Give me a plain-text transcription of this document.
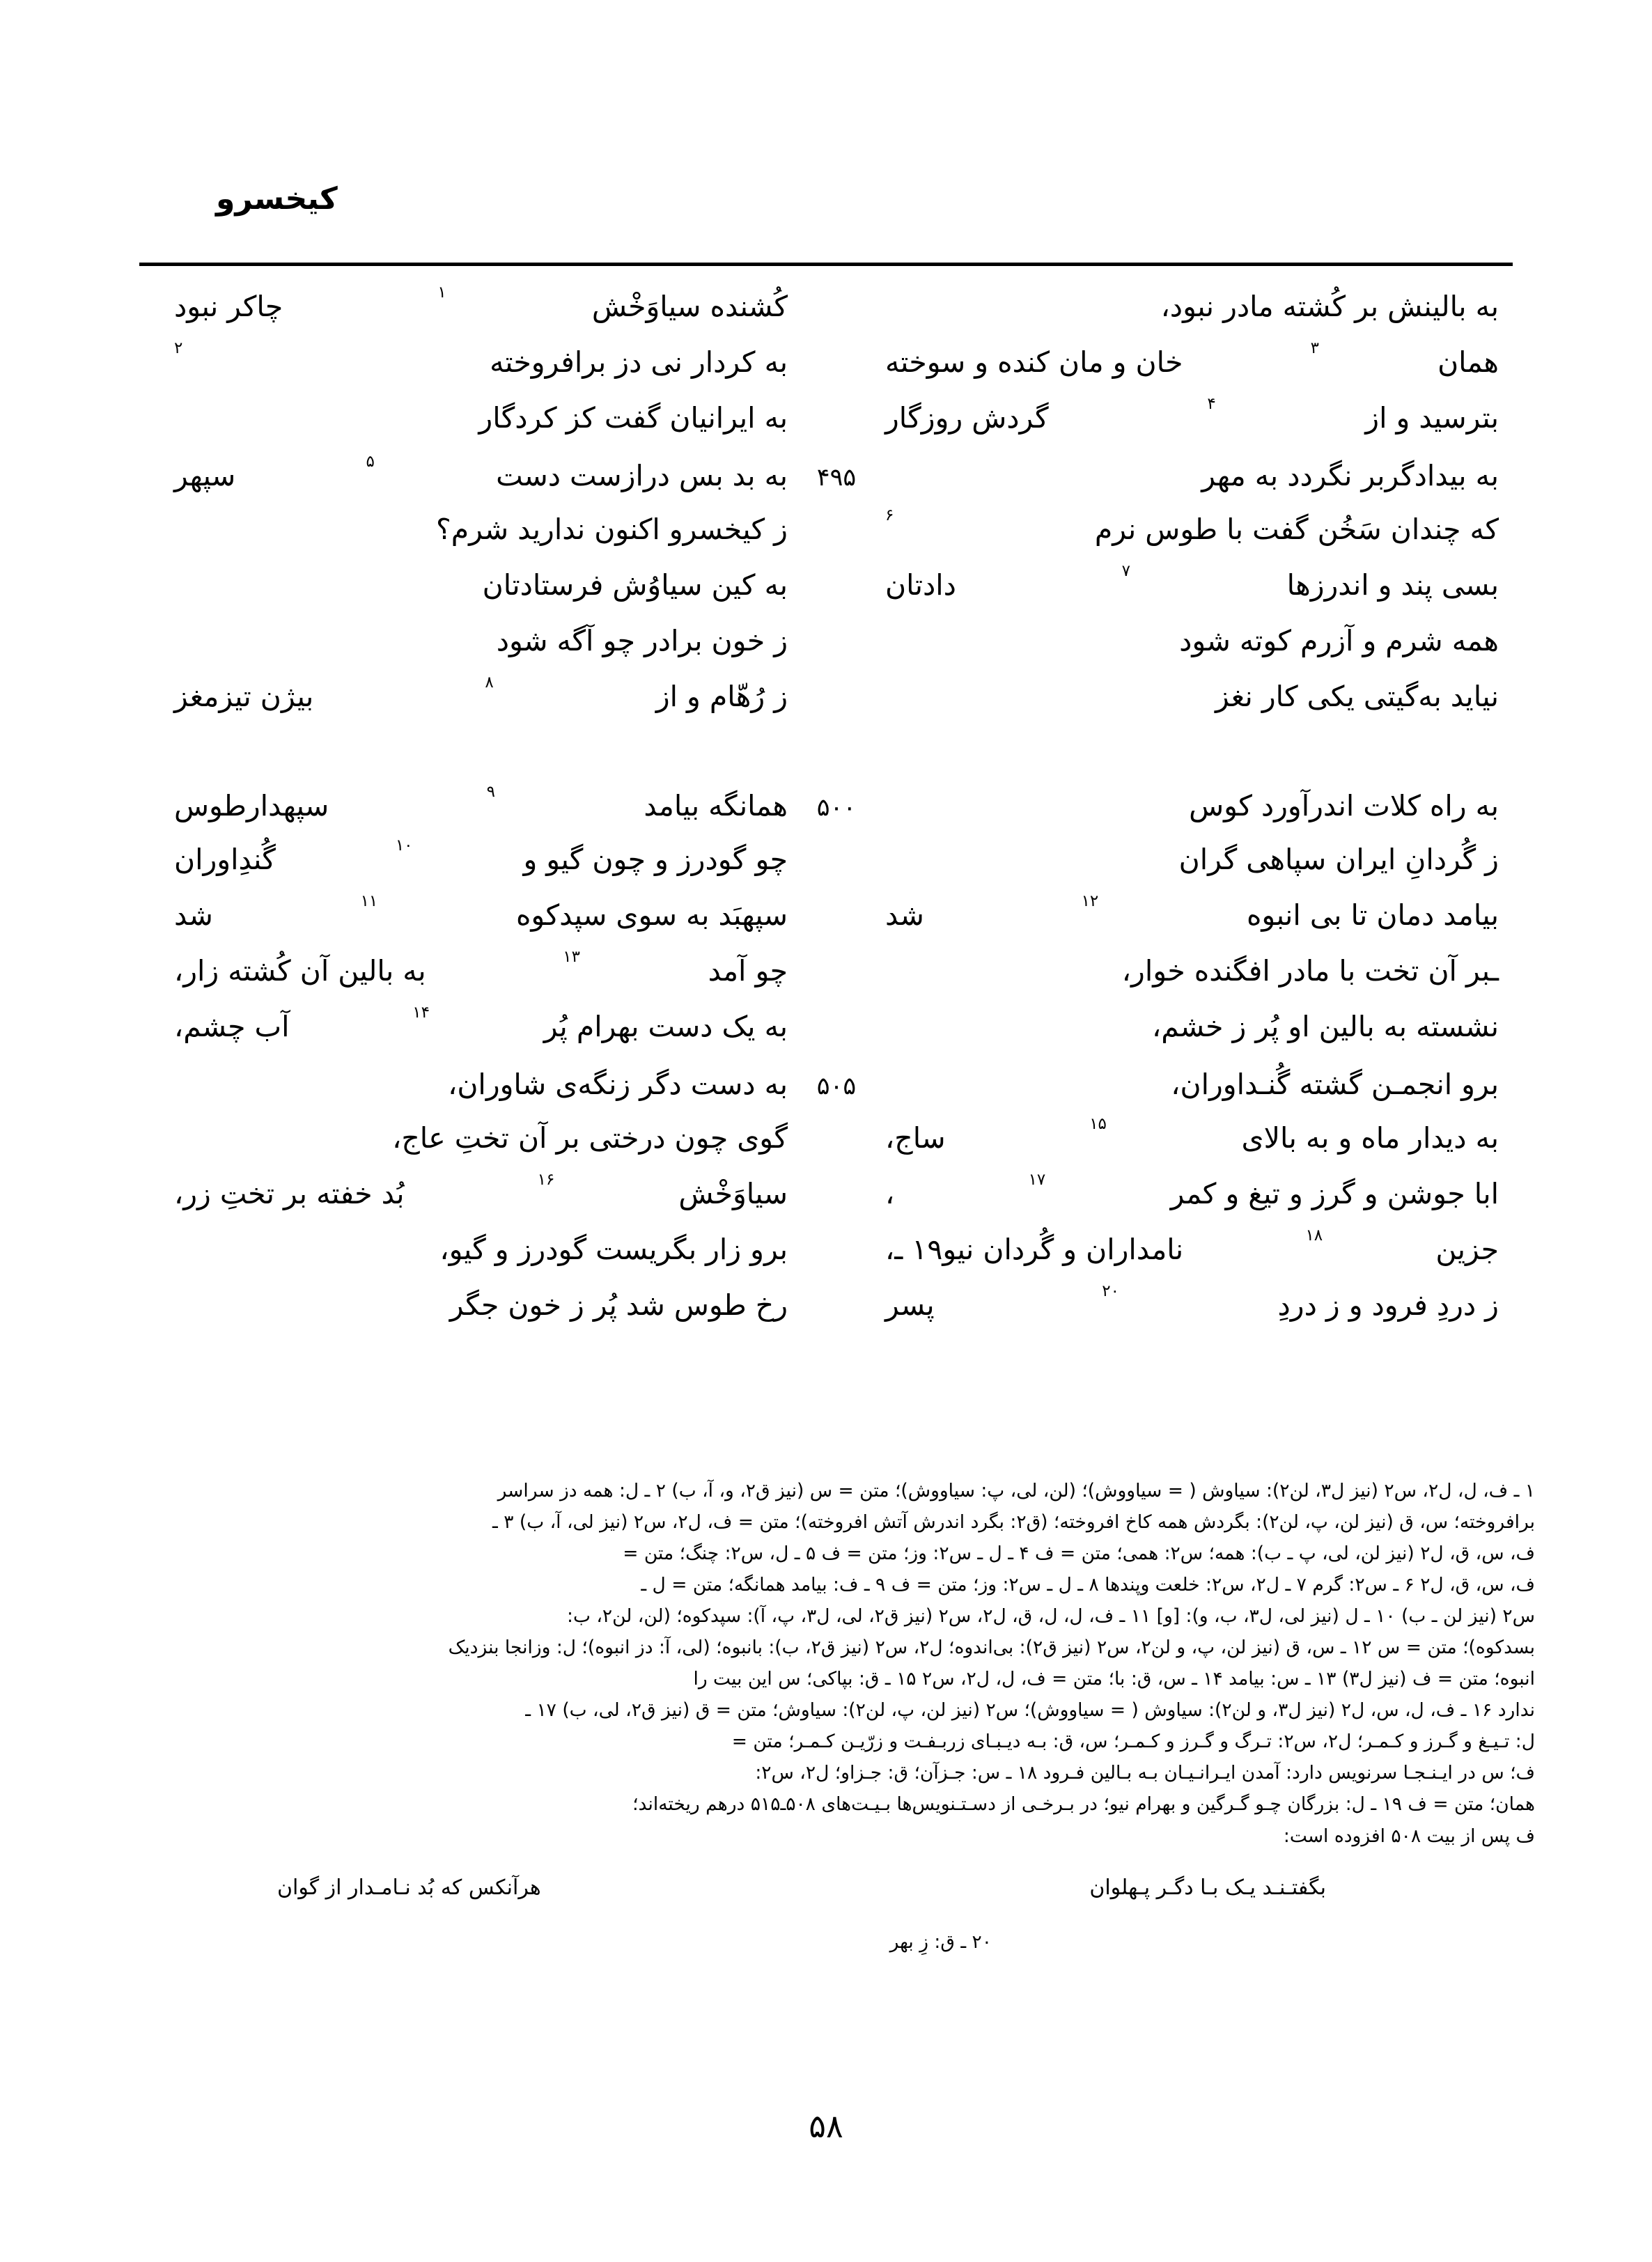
کیخسرو
به بالینش بر کُشته مادر نبود،
کُشنده سیاوَخْش
۱
چاکر نبود
همان
۳
خان و مان کنده و سوخته
به کردار نی دز برافروخته
۲
بترسید و از
۴
گردش روزگار
به ایرانیان گفت کز کردگار
به بیدادگربر نگردد به مهر
۴۹۵
به بد بس درازست دست
۵
سپهر
که چندان سَخُن گفت با طوس نرم
۶
ز کیخسرو اکنون ندارید شرم؟
بسی پند و اندرزها
۷
دادتان
به کین سیاوُش فرستادتان
همه شرم و آزرم کوته شود
ز خون برادر چو آگه شود
نیاید به‌گیتی یکی کار نغز
ز رُهّام و از
۸
بیژن تیزمغز
به راه کلات اندرآورد کوس
۵۰۰
همانگه بیامد
۹
سپهدارطوس
ز گُردانِ ایران سپاهی گران
چو گودرز و چون گیو و
۱۰
گُندِاوران
بیامد دمان تا بی انبوه
۱۲
شد
سپهبَد به سوی سپدکوه
۱۱
شد
ـبر آن تخت با مادر افگنده خوار،
چو آمد
۱۳
به بالین آن کُشته زار،
نشسته به بالین او پُر ز خشم،
به یک دست بهرام پُر
۱۴
آب چشم،
برو انجمـن گشته گُنـداوران،
۵۰۵
به دست دگر زنگه‌ی شاوران،
به دیدار ماه و به بالای
۱۵
ساج،
گوی چون درختی بر آن تختِ عاج،
ابا جوشن و گرز و تیغ و کمر
۱۷
،
سیاوَخْش
۱۶
بُد خفته بر تختِ زر،
جزین
۱۸
نامداران و گُردان نیو۱۹ ـ،
برو زار بگریست گودرز و گیو،
ز دردِ فرود و ز دردِ
۲۰
پسر
رخ طوس شد پُر ز خون جگر
۱ ـ ف، ل، ل٢، س٢ (نیز ل٣، لن٢): سیاوش ( = سیاووش)؛ (لن، لی، پ: سیاووش)؛ متن = س (نیز ق٢، و، آ، ب) ۲ ـ ل: همه دز سراسر
برافروخته؛ س، ق (نیز لن، پ، لن٢): بگردش همه کاخ افروخته؛ (ق٢: بگرد اندرش آتش افروخته)؛ متن = ف، ل٢، س٢ (نیز لی، آ، ب) ۳ ـ
ف، س، ق، ل٢ (نیز لن، لی، پ ـ ب): همه؛ س٢: همی؛ متن = ف ۴ ـ ل ـ س٢: وز؛ متن = ف ۵ ـ ل، س٢: چنگ؛ متن =
ف، س، ق، ل٢ ۶ ـ س٢: گرم ۷ ـ ل٢، س٢: خلعت وپندها ۸ ـ ل ـ س٢: وز؛ متن = ف ۹ ـ ف: بیامد همانگه؛ متن = ل ـ
س٢ (نیز لن ـ ب) ۱۰ ـ ل (نیز لی، ل٣، ب، و): [و] ۱۱ ـ ف، ل، ل، ق، ل٢، س٢ (نیز ق٢، لی، ل٣، پ، آ): سپدکوه؛ (لن، لن٢، ب:
بسدکوه)؛ متن = س ۱۲ ـ س، ق (نیز لن، پ، و لن٢، س٢ (نیز ق٢): بی‌اندوه؛ ل٢، س٢ (نیز ق٢، ب): بانبوه؛ (لی، آ: دز انبوه)؛ ل: وزانجا بنزدیک
انبوه؛ متن = ف (نیز ل٣) ۱۳ ـ س: بیامد ۱۴ ـ س، ق: با؛ متن = ف، ل، ل٢، س٢ ۱۵ ـ ق: بپاکی؛ س این بیت را
ندارد ۱۶ ـ ف، ل، س، ل٢ (نیز ل٣، و لن٢): سیاوش ( = سیاووش)؛ س٢ (نیز لن، پ، لن٢): سیاوش؛ متن = ق (نیز ق٢، لی، ب) ۱۷ ـ
ل: تـیـغ و گـرز و کـمـر؛ ل٢، س٢: تـرگ و گـرز و کـمـر؛ س، ق: بـه دیـبـای زربـفـت و زرّیـن کـمـر؛ متن =
ف؛ س در ایـنـجـا سرنویس دارد: آمدن ایـرانـیـان بـه بـالین فـرود ۱۸ ـ س: جـزآن؛ ق: جـزاو؛ ل٢، س٢:
همان؛ متن = ف ۱۹ ـ ل: بزرگان چـو گـرگین و بهرام نیو؛ در بـرخـی از دسـتـنویس‌ها بـیـت‌های ۵۰۸ـ۵۱۵ درهم ریخته‌اند؛
ف پس از بیت ۵۰۸ افزوده است:
بگفتـنـد یـک بـا دگـر پـهلوان
هرآنکس که بُد نـامـدار از گوان
۲۰ ـ ق: زِ بهر
۵۸
